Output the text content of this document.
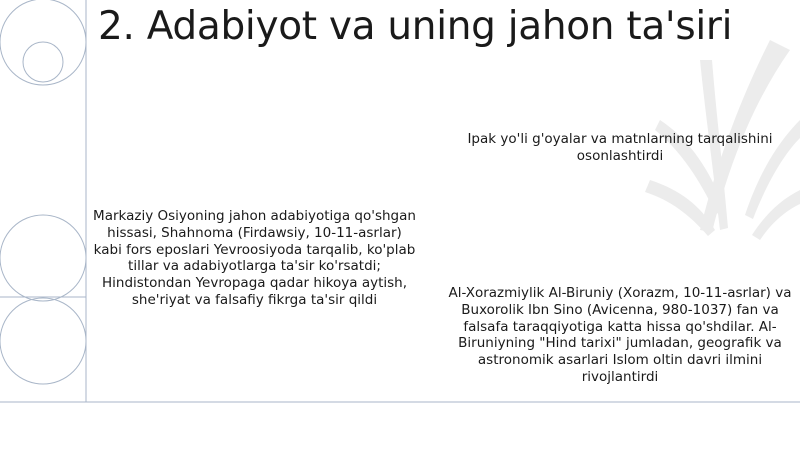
2. Adabiyot va uning jahon ta'siri
Markaziy Osiyoning jahon adabiyotiga qo'shgan hissasi, Shahnoma (Firdawsiy, 10-11-asrlar) kabi fors eposlari Yevroosiyoda tarqalib, ko'plab tillar va adabiyotlarga ta'sir ko'rsatdi; Hindistondan Yevropaga qadar hikoya aytish, she'riyat va falsafiy fikrga ta'sir qildi
Ipak yo'li g'oyalar va matnlarning tarqalishini osonlashtirdi
Al-Xorazmiylik Al-Biruniy (Xorazm, 10-11-asrlar) va Buxorolik Ibn Sino (Avicenna, 980-1037) fan va falsafa taraqqiyotiga katta hissa qo'shdilar. Al-Biruniyning "Hind tarixi" jumladan, geografik va astronomik asarlari Islom oltin davri ilmini rivojlantirdi
